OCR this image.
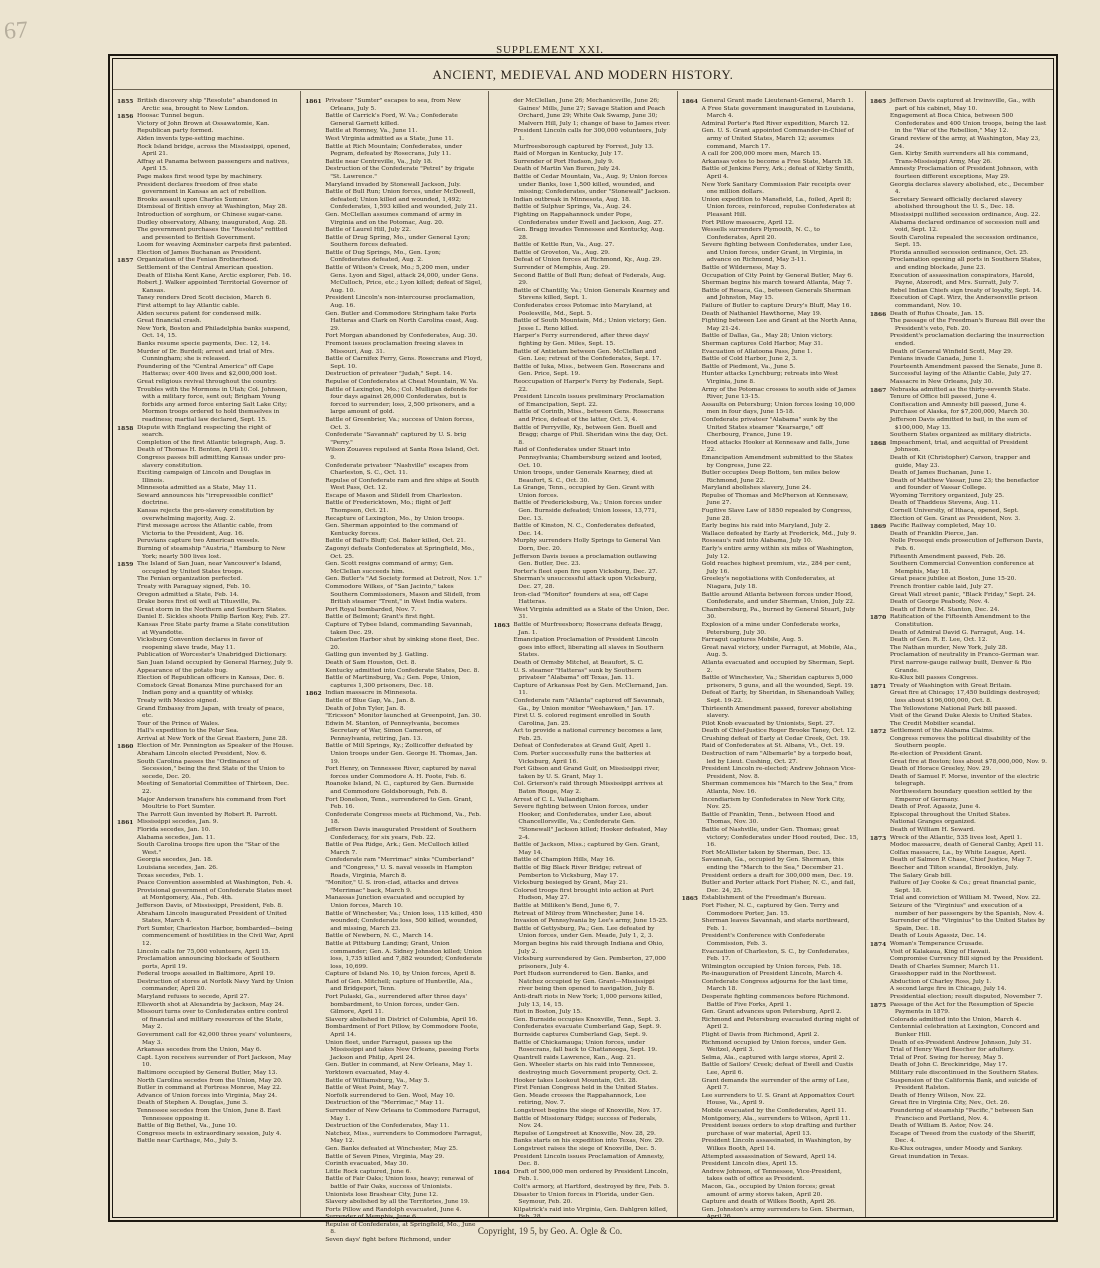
67
SUPPLEMENT XXI.
ANCIENT, MEDIEVAL AND MODERN HISTORY.
1855 British discovery ship "Resolute" abandoned in Arctic sea, brought to New London.
1856 Hoosac Tunnel begun.
Victory of John Brown at Ossawatomie, Kan.
Republican party formed.
Alden invents type-setting machine.
Rock Island bridge, across the Mississippi, opened, April 21.
Affray at Panama between passengers and natives, April 15.
Page makes first wood type by machinery.
President declares freedom of free state government in Kansas an act of rebellion.
Brooks assault upon Charles Sumner.
Dismissal of British envoy at Washington, May 28.
Introduction of sorghum, or Chinese sugar-cane.
Dudley observatory, Albany, inaugurated, Aug. 28.
The government purchases the "Resolute" refitted and presented to British Government.
Loom for weaving Axminster carpets first patented.
Election of James Buchanan as President.
1857 Organization of the Fenian Brotherhood.
Settlement of the Central American question.
Death of Elisha Kent Kane, Arctic explorer, Feb. 16.
Robert J. Walker appointed Territorial Governor of Kansas.
Taney renders Dred Scott decision, March 6.
First attempt to lay Atlantic cable.
Alden secures patent for condensed milk.
Great financial crash.
New York, Boston and Philadelphia banks suspend, Oct. 14, 15.
Banks resume specie payments, Dec. 12, 14.
Murder of Dr. Burdell; arrest and trial of Mrs. Cunningham; she is released.
Foundering of the "Central America" off Cape Hatteras; over 400 lives and $2,000,000 lost.
Great religious revival throughout the country.
Troubles with the Mormons in Utah; Col. Johnson, with a military force, sent out; Brigham Young forbids any armed force entering Salt Lake City; Mormon troops ordered to hold themselves in readiness; martial law declared, Sept. 15.
1858 Dispute with England respecting the right of search.
Completion of the first Atlantic telegraph, Aug. 5.
Death of Thomas H. Benton, April 10.
Congress passes bill admitting Kansas under pro-slavery constitution.
Exciting campaign of Lincoln and Douglas in Illinois.
Minnesota admitted as a State, May 11.
Seward announces his "irrepressible conflict" doctrine.
Kansas rejects the pro-slavery constitution by overwhelming majority, Aug. 2.
First message across the Atlantic cable, from Victoria to the President, Aug. 16.
Peruvians capture two American vessels.
Burning of steamship "Austria," Hamburg to New York; nearly 500 lives lost.
1859 The Island of San Juan, near Vancouver's Island, occupied by United States troops.
The Fenian organization perfected.
Treaty with Paraguay signed, Feb. 10.
Oregon admitted a State, Feb. 14.
Drake bores first oil well at Titusville, Pa.
Great storm in the Northern and Southern States.
Daniel E. Sickles shoots Philip Barton Key, Feb. 27.
Kansas Free State party frame a State constitution at Wyandotte.
Vicksburg Convention declares in favor of reopening slave trade, May 11.
Publication of Worcester's Unabridged Dictionary.
San Juan Island occupied by General Harney, July 9.
Appearance of the potato bug.
Election of Republican officers in Kansas, Dec. 6.
Comstock Great Bonanza Mine purchased for an Indian pony and a quantity of whisky.
Treaty with Mexico signed.
Grand Embassy from Japan, with treaty of peace, etc.
Tour of the Prince of Wales.
Hall's expedition to the Polar Sea.
Arrival at New York of the Great Eastern, June 28.
1860 Election of Mr. Pennington as Speaker of the House.
Abraham Lincoln elected President, Nov. 6.
South Carolina passes the "Ordinance of Secession," being the first State of the Union to secede, Dec. 20.
Meeting of Senatorial Committee of Thirteen, Dec. 22.
Major Anderson transfers his command from Fort Moultrie to Fort Sumter.
The Parrott Gun invented by Robert R. Parrott.
1861 Mississippi secedes, Jan. 9.
Florida secedes, Jan. 10.
Alabama secedes, Jan. 11.
South Carolina troops fire upon the "Star of the West."
Georgia secedes, Jan. 18.
Louisiana secedes, Jan. 26.
Texas secedes, Feb. 1.
Peace Convention assembled at Washington, Feb. 4.
Provisional government of Confederate States meet at Montgomery, Ala., Feb. 4th.
Jefferson Davis, of Mississippi, President, Feb. 8.
Abraham Lincoln inaugurated President of United States, March 4.
Fort Sumter, Charleston Harbor, bombarded—being commencement of hostilities in the Civil War, April 12.
Lincoln calls for 75,000 volunteers, April 15.
Proclamation announcing blockade of Southern ports, April 19.
Federal troops assailed in Baltimore, April 19.
Destruction of stores at Norfolk Navy Yard by Union commander, April 20.
Maryland refuses to secede, April 27.
Ellsworth shot at Alexandria by Jackson, May 24.
Missouri turns over to Confederates entire control of financial and military resources of the State, May 2.
Government call for 42,000 three years' volunteers, May 3.
Arkansas secedes from the Union, May 6.
Capt. Lyon receives surrender of Fort Jackson, May 10.
Baltimore occupied by General Butler, May 13.
North Carolina secedes from the Union, May 20.
Butler in command at Fortress Monroe, May 22.
Advance of Union forces into Virginia, May 24.
Death of Stephen A. Douglas, June 3.
Tennessee secedes from the Union, June 8. East Tennessee opposing it.
Battle of Big Bethel, Va., June 10.
Congress meets in extraordinary session, July 4.
Battle near Carthage, Mo., July 5.
1861 Privateer "Sumter" escapes to sea, from New Orleans, July 5.
Battle of Carrick's Ford, W. Va.; Confederate General Garnett killed.
Battle at Romney, Va., June 11.
West Virginia admitted as a State, June 11.
Battle at Rich Mountain; Confederates, under Pegram, defeated by Rosecrans, July 11.
Battle near Centreville, Va., July 18.
Destruction of the Confederate "Petrel" by frigate "St. Lawrence."
Maryland invaded by Stonewall Jackson, July.
Battle of Bull Run; Union forces, under McDowell, defeated; Union killed and wounded, 1,492; Confederates, 1,593 killed and wounded, July 21.
Gen. McClellan assumes command of army in Virginia and on the Potomac, Aug. 20.
Battle of Laurel Hill, July 22.
Battle of Drug Spring, Mo., under General Lyon; Southern forces defeated.
Battle of Dug Springs, Mo., Gen. Lyon; Confederates defeated, Aug. 2.
Battle of Wilson's Creek, Mo.; 5,200 men, under Gens. Lyon and Sigel, attack 24,000, under Gens. McCulloch, Price, etc.; Lyon killed; defeat of Sigel, Aug. 10.
President Lincoln's non-intercourse proclamation, Aug. 16.
Gen. Butler and Commodore Stringham take Forts Hatteras and Clark on North Carolina coast, Aug. 29.
Fort Morgan abandoned by Confederates, Aug. 30.
Fremont issues proclamation freeing slaves in Missouri, Aug. 31.
Battle of Carnifex Ferry, Gens. Rosecrans and Floyd, Sept. 10.
Destruction of privateer "Judah," Sept. 14.
Repulse of Confederates at Cheat Mountain, W. Va.
Battle of Lexington, Mo.; Col. Mulligan defends for four days against 26,000 Confederates, but is forced to surrender; loss, 2,500 prisoners, and a large amount of gold.
Battle of Greenbrier, Va.; success of Union forces, Oct. 3.
Confederate "Savannah" captured by U. S. brig "Perry."
Wilson Zouaves repulsed at Santa Rosa Island, Oct. 9.
Confederate privateer "Nashville" escapes from Charleston, S. C., Oct. 11.
Repulse of Confederate ram and fire ships at South West Pass, Oct. 12.
Escape of Mason and Slidell from Charleston.
Battle of Fredericktown, Mo.; flight of Jeff Thompson, Oct. 21.
Recapture of Lexington, Mo., by Union troops.
Gen. Sherman appointed to the command of Kentucky forces.
Battle of Ball's Bluff; Col. Baker killed, Oct. 21.
Zagonyi defeats Confederates at Springfield, Mo., Oct. 25.
Gen. Scott resigns command of army; Gen. McClellan succeeds him.
Gen. Butler's "Ad Society formed at Detroit, Nov. 1."
Commodore Wilkes, of "San Jacinto," takes Southern Commissioners, Mason and Slidell, from British steamer "Trent," in West India waters.
Port Royal bombarded, Nov. 7.
Battle of Belmont; Grant's first fight.
Capture of Tybee Island, commanding Savannah, taken Dec. 29.
Charleston Harbor shut by sinking stone fleet, Dec. 20.
Gatling gun invented by J. Gatling.
Death of Sam Houston, Oct. 8.
Kentucky admitted into Confederate States, Dec. 8.
Battle of Martinsburg, Va.; Gen. Pope, Union, captures 1,300 prisoners, Dec. 18.
1862 Indian massacre in Minnesota.
Battle of Blue Gap, Va., Jan. 8.
Death of John Tyler, Jan. 8.
"Ericsson" Monitor launched at Greenpoint, Jan. 30.
Edwin M. Stanton, of Pennsylvania, becomes Secretary of War, Simon Cameron, of Pennsylvania, retiring, Jan. 13.
Battle of Mill Springs, Ky.; Zollicoffer defeated by Union troops under Gen. George H. Thomas, Jan. 19.
Fort Henry, on Tennessee River, captured by naval forces under Commodore A. H. Foote, Feb. 6.
Roanoke Island, N. C., captured by Gen. Burnside and Commodore Goldsborough, Feb. 8.
Fort Donelson, Tenn., surrendered to Gen. Grant, Feb. 16.
Confederate Congress meets at Richmond, Va., Feb. 18.
Jefferson Davis inaugurated President of Southern Confederacy, for six years, Feb. 22.
Battle of Pea Ridge, Ark.; Gen. McCulloch killed March 7.
Confederate ram "Merrimac" sinks "Cumberland" and "Congress," U. S. naval vessels in Hampton Roads, Virginia, March 8.
"Monitor," U. S. iron-clad, attacks and drives "Merrimac" back, March 9.
Manassas Junction evacuated and occupied by Union forces, March 10.
Battle of Winchester, Va.; Union loss, 115 killed, 450 wounded; Confederate loss, 500 killed, wounded, and missing, March 23.
Battle of Newbern, N. C., March 14.
Battle at Pittsburg Landing; Grant, Union commander; Gen. A. Sidney Johnston killed; Union loss, 1,735 killed and 7,882 wounded; Confederate loss, 10,699.
Capture of Island No. 10, by Union forces, April 8.
Raid of Gen. Mitchell; capture of Huntsville, Ala., and Bridgeport, Tenn.
Fort Pulaski, Ga., surrendered after three days' bombardment, to Union forces, under Gen. Gilmore, April 11.
Slavery abolished in District of Columbia, April 16.
Bombardment of Fort Pillow, by Commodore Foote, April 14.
Union fleet, under Farragut, passes up the Mississippi and takes New Orleans, passing Forts Jackson and Philip, April 24.
Gen. Butler in command, at New Orleans, May 1.
Yorktown evacuated, May 4.
Battle of Williamsburg, Va., May 5.
Battle of West Point, May 7.
Norfolk surrendered to Gen. Wool, May 10.
Destruction of the "Merrimac," May 11.
Surrender of New Orleans to Commodore Farragut, May 1.
Destruction of the Confederates, May 11.
Natchez, Miss., surrenders to Commodore Farragut, May 12.
Gen. Banks defeated at Winchester, May 25.
Battle of Seven Pines, Virginia, May 29.
Corinth evacuated, May 30.
Little Rock captured, June 6.
Battle of Fair Oaks; Union loss, heavy; renewal of battle of Fair Oaks, success of Unionists.
Unionists lose Brashear City, June 12.
Slavery abolished by all the Territories, June 19.
Forts Pillow and Randolph evacuated, June 4.
Surrender of Memphis, June 6.
Repulse of Confederates, at Springfield, Mo., June 8.
Seven days' fight before Richmond, under
der McClellan, June 26; Mechanicsville, June 26; Gaines' Mills, June 27; Savage Station and Peach Orchard, June 29; White Oak Swamp, June 30; Malvern Hill, July 1; change of base to James river.
President Lincoln calls for 300,000 volunteers, July 1.
Murfreesborough captured by Forrest, July 13.
Raid of Morgan in Kentucky, July 17.
Surrender of Port Hudson, July 9.
Death of Martin Van Buren, July 24.
Battle of Cedar Mountain, Va., Aug. 9; Union forces under Banks, lose 1,500 killed, wounded, and missing; Confederates, under "Stonewall" Jackson.
Indian outbreak in Minnesota, Aug. 18.
Battle of Sulphur Springs, Va., Aug. 24.
Fighting on Rappahannock under Pope, Confederates under Ewell and Jackson, Aug. 27.
Gen. Bragg invades Tennessee and Kentucky, Aug. 28.
Battle of Kettle Run, Va., Aug. 27.
Battle of Groveton, Va., Aug. 29.
Defeat of Union forces at Richmond, Ky., Aug. 29.
Surrender of Memphis, Aug. 29.
Second Battle of Bull Run; defeat of Federals, Aug. 29.
Battle of Chantilly, Va.; Union Generals Kearney and Stevens killed, Sept. 1.
Confederates cross Potomac into Maryland, at Poolesville, Md., Sept. 5.
Battle of South Mountain, Md.; Union victory; Gen. Jesse L. Reno killed.
Harper's Ferry surrendered, after three days' fighting by Gen. Miles, Sept. 15.
Battle of Antietam between Gen. McClellan and Gen. Lee; retreat of the Confederates, Sept. 17.
Battle of Iuka, Miss., between Gen. Rosecrans and Gen. Price, Sept. 19.
Reoccupation of Harper's Ferry by Federals, Sept. 22.
President Lincoln issues preliminary Proclamation of Emancipation, Sept. 22.
Battle of Corinth, Miss., between Gens. Rosecrans and Price, defeat of the latter, Oct. 3, 4.
Battle of Perryville, Ky., between Gen. Buell and Bragg; charge of Phil. Sheridan wins the day, Oct. 8.
Raid of Confederates under Stuart into Pennsylvania; Chambersburg seized and looted, Oct. 10.
Union troops, under Generals Kearney, died at Beaufort, S. C., Oct. 30.
La Grange, Tenn., occupied by Gen. Grant with Union forces.
Battle of Fredericksburg, Va.; Union forces under Gen. Burnside defeated; Union losses, 13,771, Dec. 13.
Battle of Kinston, N. C., Confederates defeated, Dec. 14.
Murphy surrenders Holly Springs to General Van Dorn, Dec. 20.
Jefferson Davis issues a proclamation outlawing Gen. Butler, Dec. 23.
Porter's fleet open fire upon Vicksburg, Dec. 27.
Sherman's unsuccessful attack upon Vicksburg, Dec. 27, 28.
Iron-clad "Monitor" founders at sea, off Cape Hatteras.
West Virginia admitted as a State of the Union, Dec. 31.
1863 Battle of Murfreesboro; Rosecrans defeats Bragg, Jan. 1.
Emancipation Proclamation of President Lincoln goes into effect, liberating all slaves in Southern States.
Death of Ormsby Mitchel, at Beaufort, S. C.
U. S. steamer "Hatteras" sunk by Southern privateer "Alabama" off Texas, Jan. 11.
Capture of Arkansas Post by Gen. McClernand, Jan. 11.
Confederate ram "Atlanta" captured off Savannah, Ga., by Union monitor "Weehawken," Jan. 17.
First U. S. colored regiment enrolled in South Carolina, Jan. 25.
Act to provide a national currency becomes a law, Feb. 25.
Defeat of Confederates at Grand Gulf, April 1.
Com. Porter successfully runs the batteries at Vicksburg, April 16.
Fort Gibson and Grand Gulf, on Mississippi river, taken by U. S. Grant, May 1.
Col. Grierson's raid through Mississippi arrives at Baton Rouge, May 2.
Arrest of C. L. Vallandigham.
Severe fighting between Union forces, under Hooker, and Confederates, under Lee, about Chancellorsville, Va.; Confederate Gen. "Stonewall" Jackson killed; Hooker defeated, May 2-4.
Battle of Jackson, Miss.; captured by Gen. Grant, May 14.
Battle of Champion Hills, May 16.
Battle of Big Black River Bridge; retreat of Pemberton to Vicksburg, May 17.
Vicksburg besieged by Grant, May 21.
Colored troops first brought into action at Port Hudson, May 27.
Battle at Milliken's Bend, June 6, 7.
Retreat of Milroy from Winchester, June 14.
Invasion of Pennsylvania by Lee's army, June 15-25.
Battle of Gettysburg, Pa.; Gen. Lee defeated by Union forces, under Gen. Meade, July 1, 2, 3.
Morgan begins his raid through Indiana and Ohio, July 2.
Vicksburg surrendered by Gen. Pemberton, 27,000 prisoners, July 4.
Port Hudson surrendered to Gen. Banks, and Natchez occupied by Gen. Grant—Mississippi river being then opened to navigation, July 8.
Anti-draft riots in New York; 1,000 persons killed, July 13, 14, 15.
Riot in Boston, July 15.
Gen. Burnside occupies Knoxville, Tenn., Sept. 3.
Confederates evacuate Cumberland Gap, Sept. 9.
Burnside captures Cumberland Gap, Sept. 9.
Battle of Chickamauga; Union forces, under Rosecrans, fall back to Chattanooga, Sept. 19.
Quantrell raids Lawrence, Kan., Aug. 21.
Gen. Wheeler starts on his raid into Tennessee, destroying much Government property, Oct. 2.
Hooker takes Lookout Mountain, Oct. 28.
First Fenian Congress held in the United States.
Gen. Meade crosses the Rappahannock, Lee retiring, Nov. 7.
Longstreet begins the siege of Knoxville, Nov. 17.
Battle of Missionary Ridge; success of Federals, Nov. 24.
Repulse of Longstreet at Knoxville, Nov. 28, 29.
Banks starts on his expedition into Texas, Nov. 29.
Longstreet raises the siege of Knoxville, Dec. 5.
President Lincoln issues Proclamation of Amnesty, Dec. 8.
1864 Draft of 500,000 men ordered by President Lincoln, Feb. 1.
Colt's armory, at Hartford, destroyed by fire, Feb. 5.
Disaster to Union forces in Florida, under Gen. Seymour, Feb. 20.
Kilpatrick's raid into Virginia, Gen. Dahlgren killed, Feb. 28.
1864 General Grant made Lieutenant-General, March 1.
A Free State government inaugurated in Louisiana, March 4.
Admiral Porter's Red River expedition, March 12.
Gen. U. S. Grant appointed Commander-in-Chief of army of United States, March 12; assumes command, March 17.
A call for 200,000 more men, March 15.
Arkansas votes to become a Free State, March 18.
Battle of Jenkins Ferry, Ark.; defeat of Kirby Smith, April 4.
New York Sanitary Commission Fair receipts over one million dollars.
Union expedition to Mansfield, La., foiled, April 8; Union forces, reinforced, repulse Confederates at Pleasant Hill.
Fort Pillow massacre, April 12.
Wessells surrenders Plymouth, N. C., to Confederates, April 20.
Severe fighting between Confederates, under Lee, and Union forces, under Grant, in Virginia, in advance on Richmond, May 3-11.
Battle of Wilderness, May 5.
Occupation of City Point by General Butler, May 6.
Sherman begins his march toward Atlanta, May 7.
Battle of Resaca, Ga., between Generals Sherman and Johnston, May 15.
Failure of Butler to capture Drury's Bluff, May 16.
Death of Nathaniel Hawthorne, May 19.
Fighting between Lee and Grant at the North Anna, May 21-24.
Battle of Dallas, Ga., May 28; Union victory.
Sherman captures Cold Harbor, May 31.
Evacuation of Allatoona Pass, June 1.
Battle of Cold Harbor, June 2, 3.
Battle of Piedmont, Va., June 5.
Hunter attacks Lynchburg; retreats into West Virginia, June 8.
Army of the Potomac crosses to south side of James River, June 13-15.
Assaults on Petersburg; Union forces losing 10,000 men in four days, June 15-18.
Confederate privateer "Alabama" sunk by the United States steamer "Kearsarge," off Cherbourg, France, June 19.
Hood attacks Hooker at Kennesaw and falls, June 22.
Emancipation Amendment submitted to the States by Congress, June 22.
Butler occupies Deep Bottom, ten miles below Richmond, June 22.
Maryland abolishes slavery, June 24.
Repulse of Thomas and McPherson at Kennesaw, June 27.
Fugitive Slave Law of 1850 repealed by Congress, June 28.
Early begins his raid into Maryland, July 2.
Wallace defeated by Early at Frederick, Md., July 9.
Rosseau's raid into Alabama, July 10.
Early's entire army within six miles of Washington, July 12.
Gold reaches highest premium, viz., 284 per cent, July 16.
Greeley's negotiations with Confederates, at Niagara, July 18.
Battle around Atlanta between forces under Hood, Confederate, and under Sherman, Union, July 22.
Chambersburg, Pa., burned by General Stuart, July 30.
Explosion of a mine under Confederate works, Petersburg, July 30.
Farragut captures Mobile, Aug. 5.
Great naval victory, under Farragut, at Mobile, Ala., Aug. 5.
Atlanta evacuated and occupied by Sherman, Sept. 2.
Battle of Winchester, Va.; Sheridan captures 5,000 prisoners, 5 guns, and all the wounded, Sept. 19.
Defeat of Early, by Sheridan, in Shenandoah Valley, Sept. 19-22.
Thirteenth Amendment passed, forever abolishing slavery.
Pilot Knob evacuated by Unionists, Sept. 27.
Death of Chief-Justice Roger Brooke Taney, Oct. 12.
Crushing defeat of Early at Cedar Creek, Oct. 19.
Raid of Confederates at St. Albans, Vt., Oct. 19.
Destruction of ram "Albemarle" by a torpedo boat, led by Lieut. Cushing, Oct. 27.
President Lincoln re-elected; Andrew Johnson Vice-President, Nov. 8.
Sherman commences his "March to the Sea," from Atlanta, Nov. 16.
Incendiarism by Confederates in New York City, Nov. 25.
Battle of Franklin, Tenn., between Hood and Thomas, Nov. 30.
Battle of Nashville, under Gen. Thomas; great victory; Confederates under Hood routed, Dec. 15, 16.
Fort McAllister taken by Sherman, Dec. 13.
Savannah, Ga., occupied by Gen. Sherman, this ending the "March to the Sea," December 21.
President orders a draft for 300,000 men, Dec. 19.
Butler and Porter attack Fort Fisher, N. C., and fail, Dec. 24, 25.
1865 Establishment of the Freedman's Bureau.
Fort Fisher, N. C., captured by Gen. Terry and Commodore Porter, Jan. 15.
Sherman leaves Savannah, and starts northward, Feb. 1.
President's Conference with Confederate Commission, Feb. 3.
Evacuation of Charleston, S. C., by Confederates, Feb. 17.
Wilmington occupied by Union forces, Feb. 18.
Re-inauguration of President Lincoln, March 4.
Confederate Congress adjourns for the last time, March 18.
Desperate fighting commences before Richmond. Battle of Five Forks, April 1.
Gen. Grant advances upon Petersburg, April 2.
Richmond and Petersburg evacuated during night of April 2.
Flight of Davis from Richmond, April 2.
Richmond occupied by Union forces, under Gen. Weitzel, April 3.
Selma, Ala., captured with large stores, April 2.
Battle of Sailors' Creek; defeat of Ewell and Custis Lee, April 6.
Grant demands the surrender of the army of Lee, April 7.
Lee surrenders to U. S. Grant at Appomattox Court House, Va., April 9.
Mobile evacuated by the Confederates, April 11.
Montgomery, Ala., surrenders to Wilson, April 11.
President issues orders to stop drafting and further purchase of war material, April 13.
President Lincoln assassinated, in Washington, by Wilkes Booth, April 14.
Attempted assassination of Seward, April 14.
President Lincoln dies, April 15.
Andrew Johnson, of Tennessee, Vice-President, takes oath of office as President.
Macon, Ga., occupied by Union forces; great amount of army stores taken, April 20.
Capture and death of Wilkes Booth, April 26.
Gen. Johnston's army surrenders to Gen. Sherman, April 26.
1865 Jefferson Davis captured at Irwinsville, Ga., with part of his cabinet, May 10.
Engagement at Boca Chica, between 500 Confederates and 400 Union troops, being the last in the "War of the Rebellion," May 12.
Grand review of the army, at Washington, May 23, 24.
Gen. Kirby Smith surrenders all his command, Trans-Mississippi Army, May 26.
Amnesty Proclamation of President Johnson, with fourteen different exceptions, May 29.
Georgia declares slavery abolished, etc., December 4.
Secretary Seward officially declared slavery abolished throughout the U. S., Dec. 18.
Mississippi nullified secession ordinance, Aug. 22.
Alabama declared ordinance of secession null and void, Sept. 12.
South Carolina repealed the secession ordinance, Sept. 15.
Florida annulled secession ordinance, Oct. 25.
Proclamation opening all ports in Southern States, and ending blockade, June 23.
Execution of assassination conspirators, Harold, Payne, Atzerodt, and Mrs. Surratt, July 7.
Rebel Indian Chiefs sign treaty of loyalty, Sept. 14.
Execution of Capt. Wirz, the Andersonville prison commandant, Nov. 10.
1866 Death of Rufus Choate, Jan. 15.
The passage of the Freedman's Bureau Bill over the President's veto, Feb. 20.
President's proclamation declaring the insurrection ended.
Death of General Winfield Scott, May 29.
Fenians invade Canada, June 1.
Fourteenth Amendment passed the Senate, June 8.
Successful laying of the Atlantic Cable, July 27.
Massacre in New Orleans, July 30.
1867 Nebraska admitted as the thirty-seventh State.
Tenure of Office bill passed, June 4.
Confiscation and Amnesty bill passed, June 4.
Purchase of Alaska, for $7,200,000, March 30.
Jefferson Davis admitted to bail, in the sum of $100,000, May 13.
Southern States organized as military districts.
1868 Impeachment, trial, and acquittal of President Johnson.
Death of Kit (Christopher) Carson, trapper and guide, May 23.
Death of James Buchanan, June 1.
Death of Matthew Vassar, June 23; the benefactor and founder of Vassar College.
Wyoming Territory organized, July 25.
Death of Thaddeus Stevens, Aug. 11.
Cornell University, of Ithaca, opened, Sept.
Election of Gen. Grant as President, Nov. 3.
1869 Pacific Railway completed, May 10.
Death of Franklin Pierce, Jan.
Nolle Prosequi ends prosecution of Jefferson Davis, Feb. 6.
Fifteenth Amendment passed, Feb. 26.
Southern Commercial Convention conference at Memphis, May 18.
Great peace jubilee at Boston, June 15-20.
French frontier cable laid, July 27.
Great Wall street panic, "Black Friday," Sept. 24.
Death of George Peabody, Nov. 4.
Death of Edwin M. Stanton, Dec. 24.
1870 Ratification of the Fifteenth Amendment to the Constitution.
Death of Admiral David G. Farragut, Aug. 14.
Death of Gen. R. E. Lee, Oct. 12.
The Nathan murder, New York, July 28.
Proclamation of neutrality in Franco-German war.
First narrow-gauge railway built, Denver & Rio Grande.
Ku-Klux bill passes Congress.
1871 Treaty of Washington with Great Britain.
Great fire at Chicago; 17,450 buildings destroyed; loss about $196,000,000, Oct. 8.
The Yellowstone National Park bill passed.
Visit of the Grand Duke Alexis to United States.
The Credit Mobilier scandal.
1872 Settlement of the Alabama Claims.
Congress removes the political disability of the Southern people.
Re-election of President Grant.
Great fire at Boston; loss about $78,000,000, Nov. 9.
Death of Horace Greeley, Nov. 29.
Death of Samuel F. Morse, inventor of the electric telegraph.
Northwestern boundary question settled by the Emperor of Germany.
Death of Prof. Agassiz, June 4.
Episcopal throughout the United States.
National Granges organized.
Death of William H. Seward.
1873 Wreck of the Atlantic, 535 lives lost, April 1.
Modoc massacre, death of General Canby, April 11.
Colfax massacre, La., by White League, April.
Death of Salmon P. Chase, Chief Justice, May 7.
Beecher and Tilton scandal, Brooklyn, July.
The Salary Grab bill.
Failure of Jay Cooke & Co.; great financial panic, Sept. 18.
Trial and conviction of William M. Tweed, Nov. 22.
Seizure of the "Virginius" and execution of a number of her passengers by the Spanish, Nov. 4.
Surrender of the "Virginius" to the United States by Spain, Dec. 18.
Death of Louis Agassiz, Dec. 14.
1874 Woman's Temperance Crusade.
Visit of Kalakaua, King of Hawaii.
Compromise Currency Bill signed by the President.
Death of Charles Sumner, March 11.
Grasshopper raid in the Northwest.
Abduction of Charley Ross, July 1.
A second large fire in Chicago, July 14.
Presidential election; result disputed, November 7.
1875 Passage of the Act for the Resumption of Specie Payments in 1879.
Colorado admitted into the Union, March 4.
Centennial celebration at Lexington, Concord and Bunker Hill.
Death of ex-President Andrew Johnson, July 31.
Trial of Henry Ward Beecher for adultery.
Trial of Prof. Swing for heresy, May 5.
Death of John C. Breckinridge, May 17.
Military rule discontinued in the Southern States.
Suspension of the California Bank, and suicide of President Ralston.
Death of Henry Wilson, Nov. 22.
Great fire in Virginia City, Nev., Oct. 26.
Foundering of steamship "Pacific," between San Francisco and Portland, Nov. 4.
Death of William B. Astor, Nov. 24.
Escape of Tweed from the custody of the Sheriff, Dec. 4.
Ku-Klux outrages, under Moody and Sankey.
Great inundation in Texas.
Copyright, 19 5, by Geo. A. Ogle & Co.
